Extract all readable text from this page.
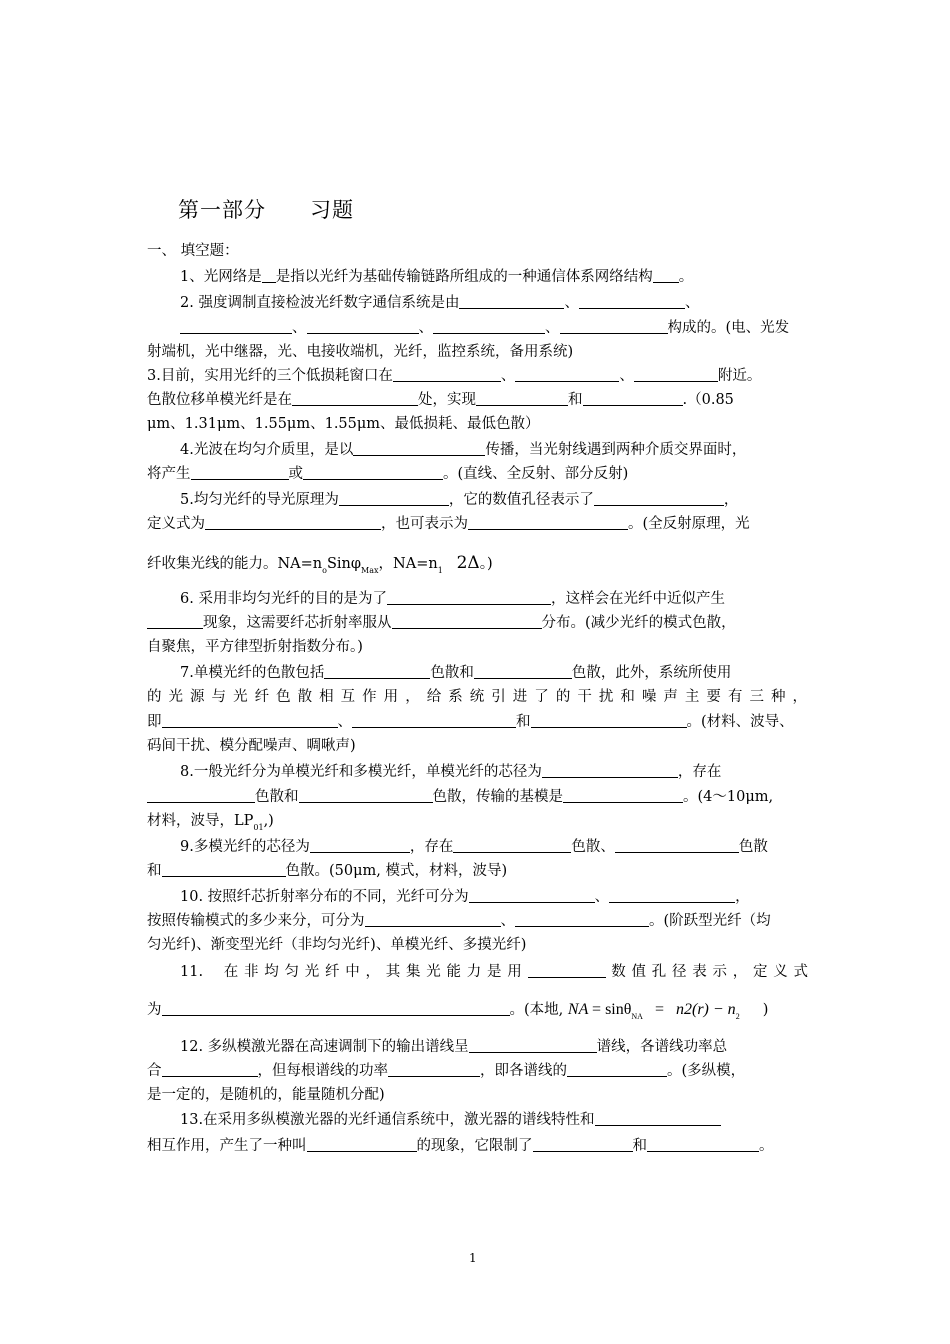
第一部分　　习题
一、 填空题：
1、光网络是 是指以光纤为基础传输链路所组成的一种通信体系网络结构 。
2. 强度调制直接检波光纤数字通信系统是由	、	、
、	、	、	构成的。(电、光发
射端机，光中继器，光、电接收端机，光纤，监控系统，备用系统)
3.目前，实用光纤的三个低损耗窗口在	、	、	附近。
色散位移单模光纤是在	处，实现	和	.（0.85
μm、1.31μm、1.55μm、1.55μm、最低损耗、最低色散）
4.光波在均匀介质里，是以	传播，当光射线遇到两种介质交界面时，
将产生	或	。(直线、全反射、部分反射)
5.均匀光纤的导光原理为	，它的数值孔径表示了	，
定义式为	，也可表示为	。(全反射原理，光
纤收集光线的能力。$NA=n_oSin\varphi_{Max}$，$NA=n_1$ 2Δ。)
6. 采用非均匀光纤的目的是为了	，这样会在光纤中近似产生
现象，这需要纤芯折射率服从	分布。(减少光纤的模式色散，
自聚焦，平方律型折射指数分布。)
7.单模光纤的色散包括	色散和	色散，此外，系统所使用
的光源与光纤色散相互作用，给系统引进了的干扰和噪声主要有三种，
即	、	和	。(材料、波导、
码间干扰、模分配噪声、啁啾声)
8.一般光纤分为单模光纤和多模光纤，单模光纤的芯径为	，存在
色散和	色散，传输的基模是	。(4～10μm,
材料，波导，$LP_{01}$,)
9.多模光纤的芯径为	，存在	色散、	色散
和	色散。(50μm, 模式，材料，波导)
10. 按照纤芯折射率分布的不同，光纤可分为	、	，
按照传输模式的多少来分，可分为	、	。(阶跃型光纤（均
匀光纤)、渐变型光纤（非均匀光纤)、单模光纤、多摸光纤)
11.  在非均匀光纤中，其集光能力是用	数值孔径表示，定义式
为	。(本地, NA = $\sin\theta_{NA} = n2(r) - n_2$ )
12. 多纵模激光器在高速调制下的输出谱线呈	谱线，各谱线功率总
合	，但每根谱线的功率	，即各谱线的	。(多纵模，
是一定的，是随机的，能量随机分配)
13.在采用多纵模激光器的光纤通信系统中，激光器的谱线特性和
相互作用，产生了一种叫	的现象，它限制了	和	。
1
